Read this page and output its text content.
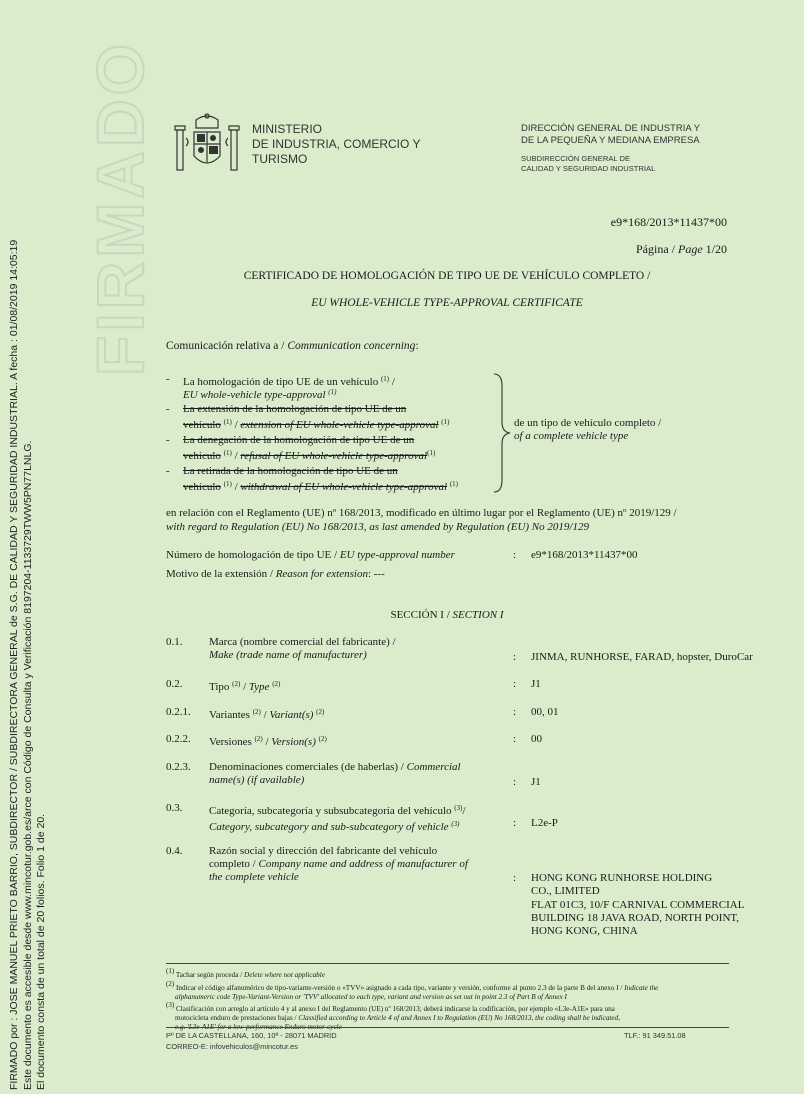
FIRMADO por : JOSE MANUEL PRIETO BARRIO, SUBDIRECTOR / SUBDIRECTORA GENERAL de S.G. DE CALIDAD Y SEGURIDAD INDUSTRIAL. A fecha : 01/08/2019 14:05:19 Este documento es accesible desde www.mincotur.gob.es/arce con Código de Consulta y Verificación 8197204-1133729TWW5PN77LNLG. El documento consta de un total de 20 folios. Folio 1 de 20.
FIRMADO	MINISTERIO
DE INDUSTRIA, COMERCIO Y
TURISMO
DIRECCIÓN GENERAL DE INDUSTRIA Y
DE LA PEQUEÑA Y MEDIANA EMPRESA
SUBDIRECCIÓN GENERAL DE
CALIDAD Y SEGURIDAD INDUSTRIAL
e9*168/2013*11437*00
Página / Page 1/20
CERTIFICADO DE HOMOLOGACIÓN DE TIPO UE DE VEHÍCULO COMPLETO /
EU WHOLE-VEHICLE TYPE-APPROVAL CERTIFICATE
Comunicación relativa a / Communication concerning:
- La homologación de tipo UE de un vehículo $^{(1)}$ /
EU whole-vehicle type-approval $^{(1)}$
- La extensión de la homologación de tipo UE de un
vehículo $^{(1)}$ / extension of EU whole-vehicle type-approval $^{(1)}$
- La denegación de la homologación de tipo UE de un
vehículo $^{(1)}$ / refusal of EU whole-vehicle type-approval$^{(1)}$
- La retirada de la homologación de tipo UE de un
vehículo $^{(1)}$ / withdrawal of EU whole-vehicle type-approval $^{(1)}$
de un tipo de vehículo completo /
of a complete vehicle type
en relación con el Reglamento (UE) nº 168/2013, modificado en último lugar por el Reglamento (UE) nº 2019/129 /
with regard to Regulation (EU) No 168/2013, as last amended by Regulation (EU) No 2019/129
Número de homologación de tipo UE / EU type-approval number	: e9*168/2013*11437*00
Motivo de la extensión / Reason for extension: ---
SECCIÓN I / SECTION I
0.1. Marca (nombre comercial del fabricante) /
Make (trade name of manufacturer)	: JINMA, RUNHORSE, FARAD, hopster, DuroCar
0.2. Tipo $^{(2)}$ / Type $^{(2)}$	: J1
0.2.1. Variantes $^{(2)}$ / Variant(s) $^{(2)}$	: 00, 01
0.2.2. Versiones $^{(2)}$ / Version(s) $^{(2)}$	: 00
0.2.3. Denominaciones comerciales (de haberlas) / Commercial
name(s) (if available)	: J1
0.3. Categoría, subcategoría y subsubcategoría del vehículo $^{(3)}$/
Category, subcategory and sub-subcategory of vehicle $^{(3)}$	: L2e-P
0.4. Razón social y dirección del fabricante del vehículo
completo / Company name and address of manufacturer of
the complete vehicle	: HONG KONG RUNHORSE HOLDING
CO., LIMITED
FLAT 01C3, 10/F CARNIVAL COMMERCIAL
BUILDING 18 JAVA ROAD, NORTH POINT,
HONG KONG, CHINA
$^{(1)}$ Tachar según proceda / Delete where not applicable
$^{(2)}$ Indicar el código alfanumérico de tipo-variante-versión o «TVV» asignado a cada tipo, variante y versión, conforme al punto 2.3 de la parte B del anexo I / Indicate the
alphanumeric code Type-Variant-Version or 'TVV' allocated to each type, variant and version as set out in point 2.3 of Part B of Annex I
$^{(3)}$ Clasificación con arreglo al artículo 4 y al anexo I del Reglamento (UE) nº 168/2013; deberá indicarse la codificación, por ejemplo «L3e-A1E» para una
motocicleta enduro de prestaciones bajas / Classified according to Article 4 of and Annex I to Regulation (EU) No 168/2013, the coding shall be indicated,
Pº DE LA CASTELLANA, 160, 10ª - 28071 MADRID	TLF.: 91 349.51.08
CORREO-E: infovehiculos@mincotur.es
